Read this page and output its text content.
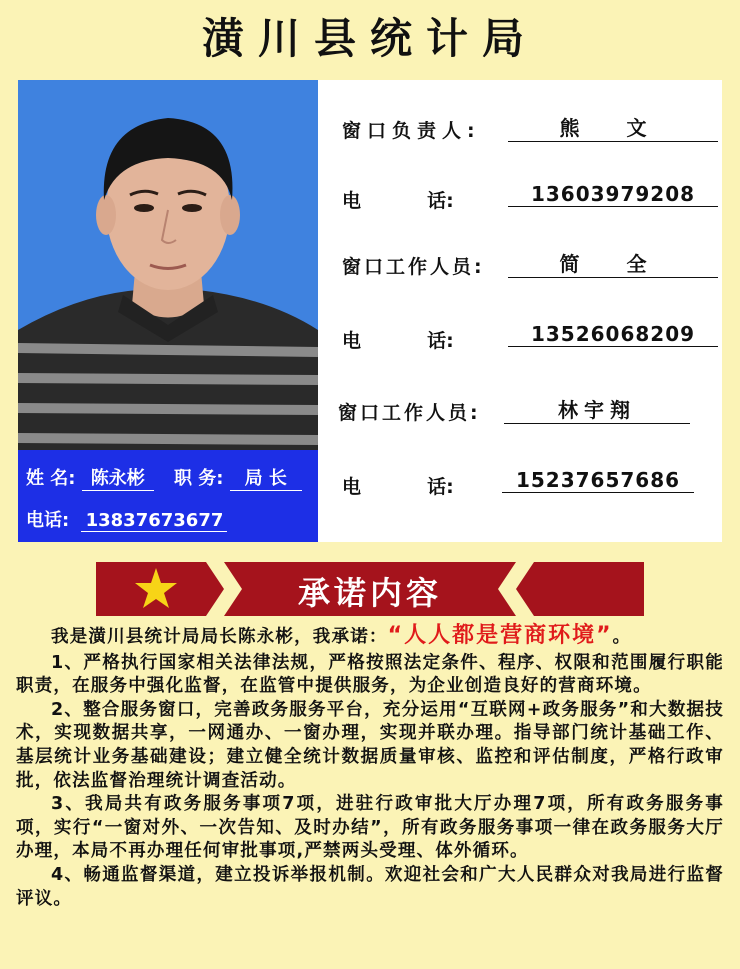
潢川县统计局
姓 名: 陈永彬 职 务: 局 长
电话: 13837673677
窗口负责人:	熊 文
电          话:	13603979208
窗口工作人员:	简 全
电          话:	13526068209
窗口工作人员:	林宇翔
电          话:	15237657686
承诺内容

我是潢川县统计局局长陈永彬，我承诺：“人人都是营商环境”。

1、严格执行国家相关法律法规，严格按照法定条件、程序、权限和范围履行职能职责，在服务中强化监督，在监管中提供服务，为企业创造良好的营商环境。

2、整合服务窗口，完善政务服务平台，充分运用“互联网+政务服务”和大数据技术，实现数据共享，一网通办、一窗办理，实现并联办理。指导部门统计基础工作、基层统计业务基础建设；建立健全统计数据质量审核、监控和评估制度，严格行政审批，依法监督治理统计调查活动。

3、我局共有政务服务事项7项，进驻行政审批大厅办理7项，所有政务服务事项，实行“一窗对外、一次告知、及时办结”，所有政务服务事项一律在政务服务大厅办理，本局不再办理任何审批事项,严禁两头受理、体外循环。

4、畅通监督渠道，建立投诉举报机制。欢迎社会和广大人民群众对我局进行监督评议。
